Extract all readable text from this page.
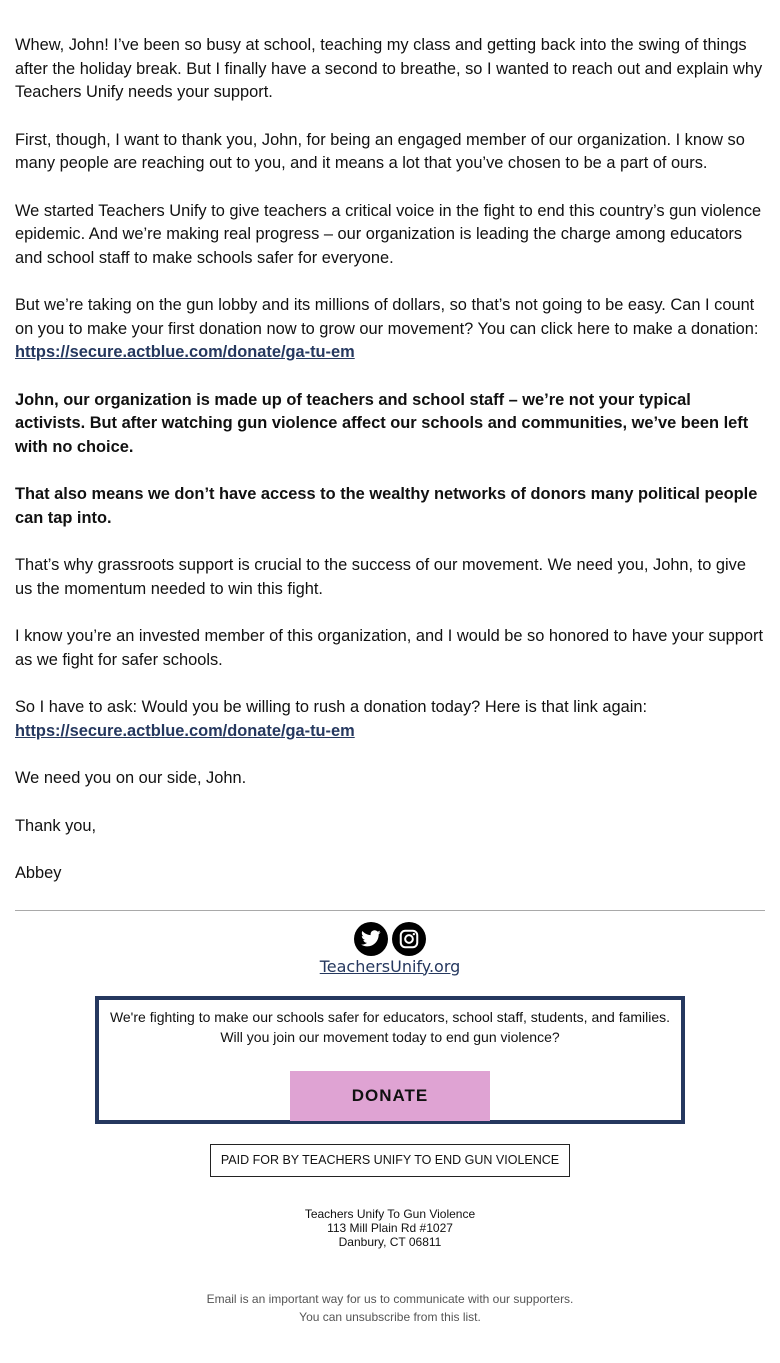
Whew, John! I’ve been so busy at school, teaching my class and getting back into the swing of things after the holiday break. But I finally have a second to breathe, so I wanted to reach out and explain why Teachers Unify needs your support.

First, though, I want to thank you, John, for being an engaged member of our organization. I know so many people are reaching out to you, and it means a lot that you’ve chosen to be a part of ours.

We started Teachers Unify to give teachers a critical voice in the fight to end this country’s gun violence epidemic. And we’re making real progress – our organization is leading the charge among educators and school staff to make schools safer for everyone.

But we’re taking on the gun lobby and its millions of dollars, so that’s not going to be easy. Can I count on you to make your first donation now to grow our movement? You can click here to make a donation: https://secure.actblue.com/donate/ga-tu-em

John, our organization is made up of teachers and school staff – we’re not your typical activists. But after watching gun violence affect our schools and communities, we’ve been left with no choice.

That also means we don’t have access to the wealthy networks of donors many political people can tap into.

That’s why grassroots support is crucial to the success of our movement. We need you, John, to give us the momentum needed to win this fight.

I know you’re an invested member of this organization, and I would be so honored to have your support as we fight for safer schools.

So I have to ask: Would you be willing to rush a donation today? Here is that link again: https://secure.actblue.com/donate/ga-tu-em

We need you on our side, John.

Thank you,

Abbey

TeachersUnify.org
We're fighting to make our schools safer for educators, school staff, students, and families.
Will you join our movement today to end gun violence?
DONATE
PAID FOR BY TEACHERS UNIFY TO END GUN VIOLENCE
Teachers Unify To Gun Violence
113 Mill Plain Rd #1027
Danbury, CT 06811
Email is an important way for us to communicate with our supporters.
You can unsubscribe from this list.
